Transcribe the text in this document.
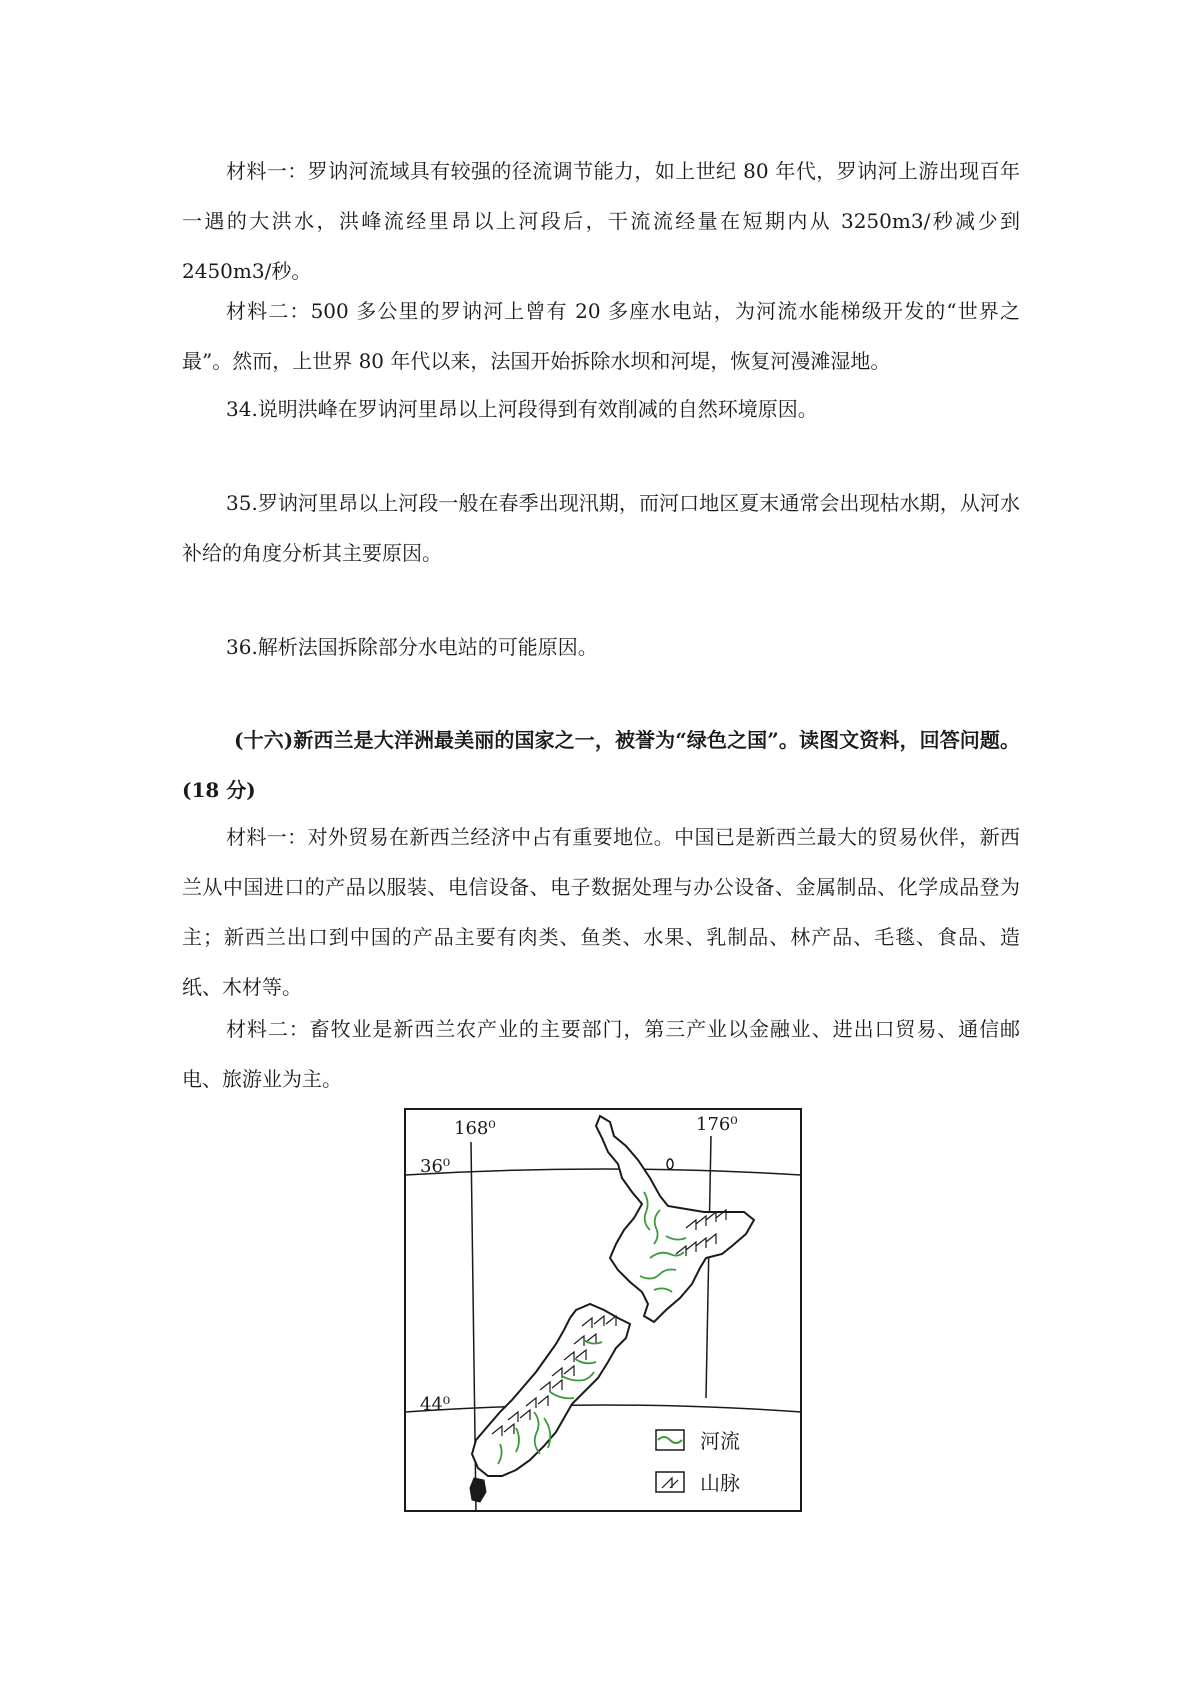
材料一：罗讷河流域具有较强的径流调节能力，如上世纪 80 年代，罗讷河上游出现百年一遇的大洪水，洪峰流经里昂以上河段后，干流流经量在短期内从 3250m3/秒减少到 2450m3/秒。

材料二：500 多公里的罗讷河上曾有 20 多座水电站，为河流水能梯级开发的“世界之最”。然而，上世界 80 年代以来，法国开始拆除水坝和河堤，恢复河漫滩湿地。

34.说明洪峰在罗讷河里昂以上河段得到有效削减的自然环境原因。

35.罗讷河里昂以上河段一般在春季出现汛期，而河口地区夏末通常会出现枯水期，从河水补给的角度分析其主要原因。

36.解析法国拆除部分水电站的可能原因。

(十六)新西兰是大洋洲最美丽的国家之一，被誉为“绿色之国”。读图文资料，回答问题。(18 分)

材料一：对外贸易在新西兰经济中占有重要地位。中国已是新西兰最大的贸易伙伴，新西兰从中国进口的产品以服装、电信设备、电子数据处理与办公设备、金属制品、化学成品登为主；新西兰出口到中国的产品主要有肉类、鱼类、水果、乳制品、林产品、毛毯、食品、造纸、木材等。

材料二：畜牧业是新西兰农产业的主要部门，第三产业以金融业、进出口贸易、通信邮电、旅游业为主。

168⁰	176⁰
36⁰
44⁰
河流
山脉
